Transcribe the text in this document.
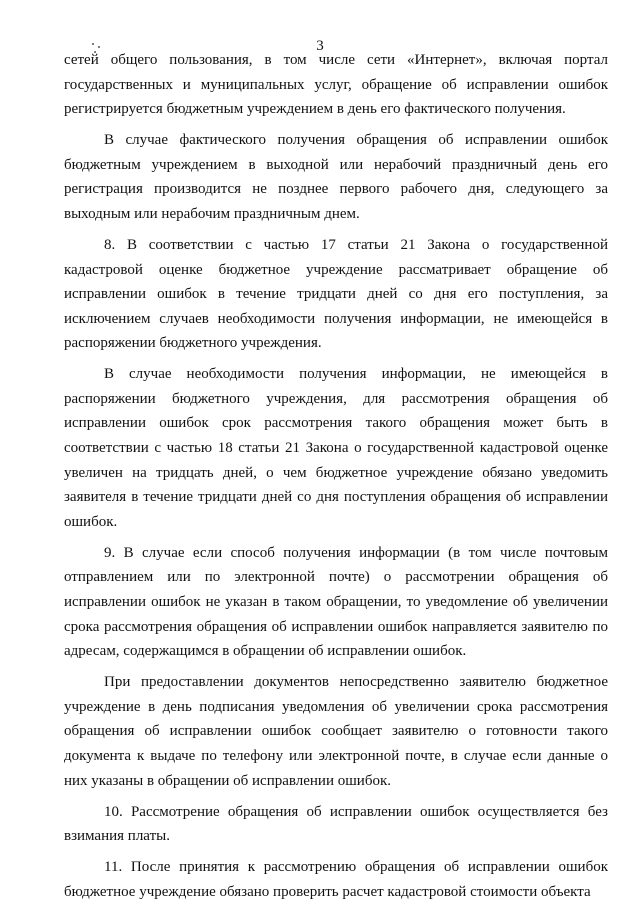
3

сетей общего пользования, в том числе сети «Интернет», включая портал государственных и муниципальных услуг, обращение об исправлении ошибок регистрируется бюджетным учреждением в день его фактического получения.

В случае фактического получения обращения об исправлении ошибок бюджетным учреждением в выходной или нерабочий праздничный день его регистрация производится не позднее первого рабочего дня, следующего за выходным или нерабочим праздничным днем.

8. В соответствии с частью 17 статьи 21 Закона о государственной кадастровой оценке бюджетное учреждение рассматривает обращение об исправлении ошибок в течение тридцати дней со дня его поступления, за исключением случаев необходимости получения информации, не имеющейся в распоряжении бюджетного учреждения.

В случае необходимости получения информации, не имеющейся в распоряжении бюджетного учреждения, для рассмотрения обращения об исправлении ошибок срок рассмотрения такого обращения может быть в соответствии с частью 18 статьи 21 Закона о государственной кадастровой оценке увеличен на тридцать дней, о чем бюджетное учреждение обязано уведомить заявителя в течение тридцати дней со дня поступления обращения об исправлении ошибок.

9. В случае если способ получения информации (в том числе почтовым отправлением или по электронной почте) о рассмотрении обращения об исправлении ошибок не указан в таком обращении, то уведомление об увеличении срока рассмотрения обращения об исправлении ошибок направляется заявителю по адресам, содержащимся в обращении об исправлении ошибок.

При предоставлении документов непосредственно заявителю бюджетное учреждение в день подписания уведомления об увеличении срока рассмотрения обращения об исправлении ошибок сообщает заявителю о готовности такого документа к выдаче по телефону или электронной почте, в случае если данные о них указаны в обращении об исправлении ошибок.

10. Рассмотрение обращения об исправлении ошибок осуществляется без взимания платы.

11. После принятия к рассмотрению обращения об исправлении ошибок бюджетное учреждение обязано проверить расчет кадастровой стоимости объекта
